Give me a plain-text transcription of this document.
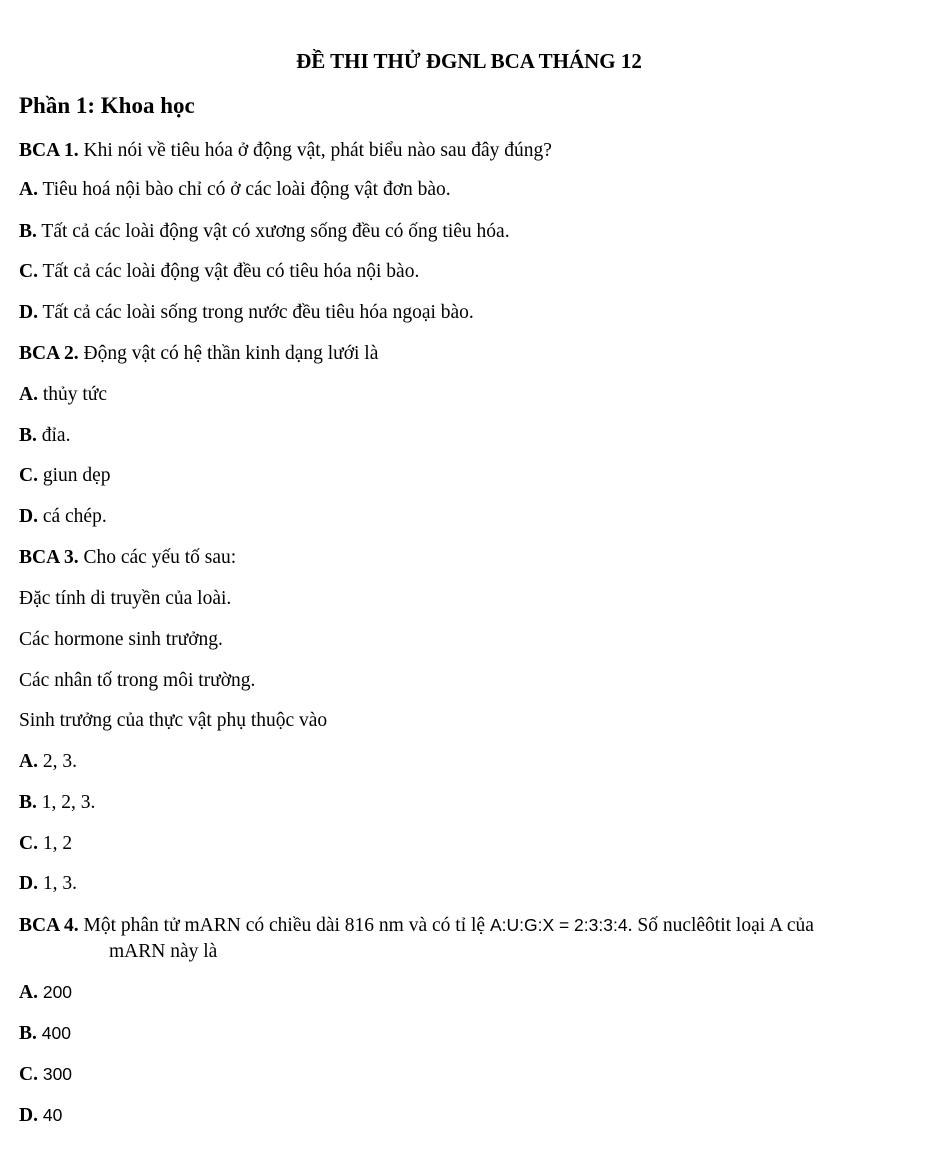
ĐỀ THI THỬ ĐGNL BCA THÁNG 12
Phần 1: Khoa học
BCA 1. Khi nói về tiêu hóa ở động vật, phát biểu nào sau đây đúng?
A. Tiêu hoá nội bào chỉ có ở các loài động vật đơn bào.
B. Tất cả các loài động vật có xương sống đều có ống tiêu hóa.
C. Tất cả các loài động vật đều có tiêu hóa nội bào.
D. Tất cả các loài sống trong nước đều tiêu hóa ngoại bào.
BCA 2. Động vật có hệ thần kinh dạng lưới là
A. thủy tức
B. đỉa.
C. giun dẹp
D. cá chép.
BCA 3. Cho các yếu tố sau:
Đặc tính di truyền của loài.
Các hormone sinh trưởng.
Các nhân tố trong môi trường.
Sinh trưởng của thực vật phụ thuộc vào
A. 2, 3.
B. 1, 2, 3.
C. 1, 2
D. 1, 3.
BCA 4. Một phân tử mARN có chiều dài 816 nm và có tỉ lệ A:U:G:X = 2:3:3:4. Số nuclêôtit loại A của
mARN này là
A. 200
B. 400
C. 300
D. 40
